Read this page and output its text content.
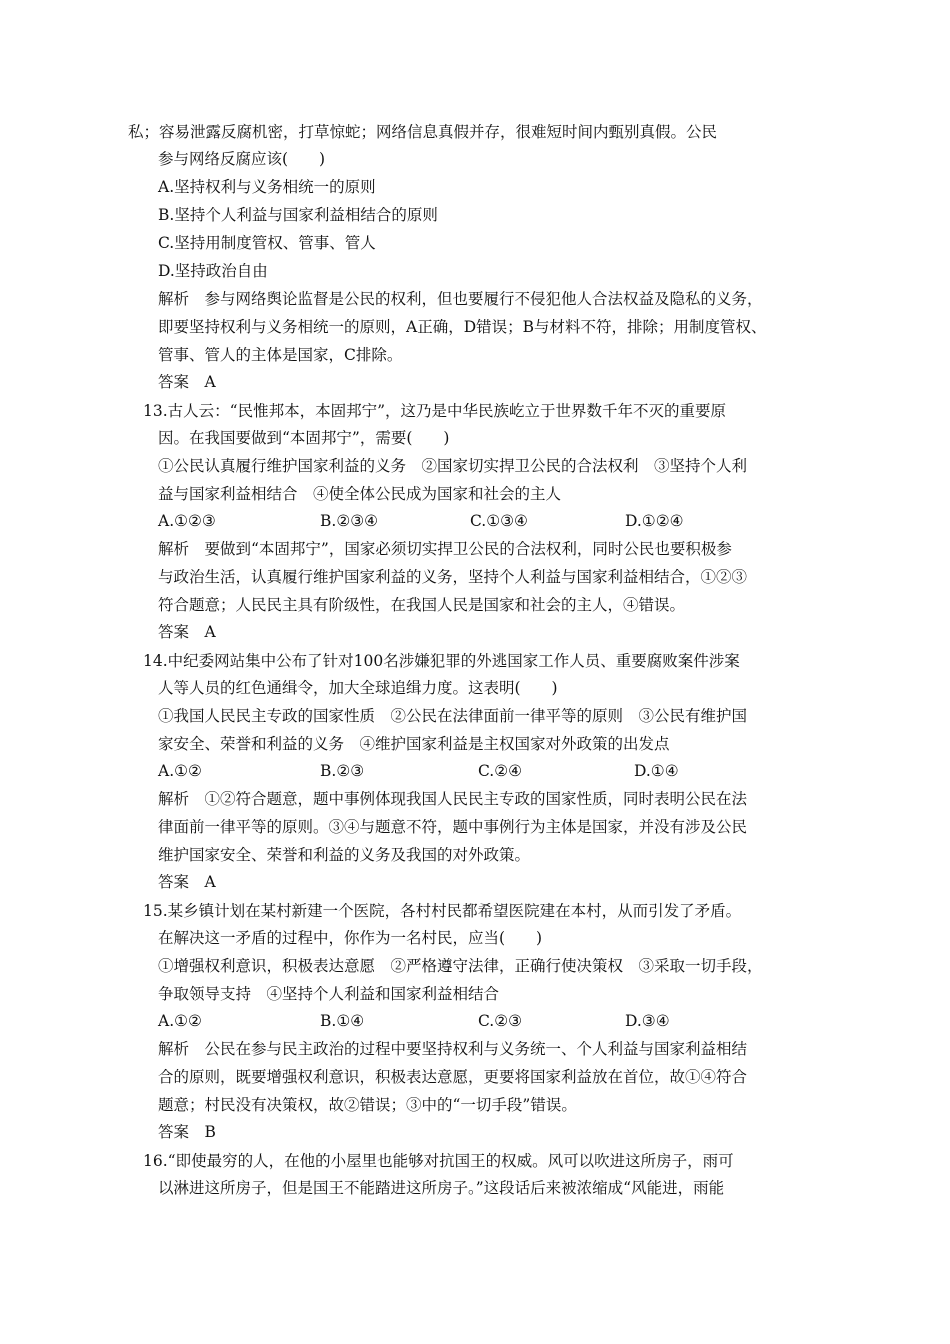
私；容易泄露反腐机密，打草惊蛇；网络信息真假并存，很难短时间内甄别真假。公民
参与网络反腐应该(　　)
A.坚持权利与义务相统一的原则
B.坚持个人利益与国家利益相结合的原则
C.坚持用制度管权、管事、管人
D.坚持政治自由
解析　参与网络舆论监督是公民的权利，但也要履行不侵犯他人合法权益及隐私的义务，
即要坚持权利与义务相统一的原则，A正确，D错误；B与材料不符，排除；用制度管权、
管事、管人的主体是国家，C排除。
答案　A
13.古人云：“民惟邦本，本固邦宁”，这乃是中华民族屹立于世界数千年不灭的重要原
因。在我国要做到“本固邦宁”，需要(　　)
①公民认真履行维护国家利益的义务　②国家切实捍卫公民的合法权利　③坚持个人利
益与国家利益相结合　④使全体公民成为国家和社会的主人
A.①②③	B.②③④	C.①③④	D.①②④
解析　要做到“本固邦宁”，国家必须切实捍卫公民的合法权利，同时公民也要积极参
与政治生活，认真履行维护国家利益的义务，坚持个人利益与国家利益相结合，①②③
符合题意；人民民主具有阶级性，在我国人民是国家和社会的主人，④错误。
答案　A
14.中纪委网站集中公布了针对100名涉嫌犯罪的外逃国家工作人员、重要腐败案件涉案
人等人员的红色通缉令，加大全球追缉力度。这表明(　　)
①我国人民民主专政的国家性质　②公民在法律面前一律平等的原则　③公民有维护国
家安全、荣誉和利益的义务　④维护国家利益是主权国家对外政策的出发点
A.①②	B.②③	C.②④	D.①④
解析　①②符合题意，题中事例体现我国人民民主专政的国家性质，同时表明公民在法
律面前一律平等的原则。③④与题意不符，题中事例行为主体是国家，并没有涉及公民
维护国家安全、荣誉和利益的义务及我国的对外政策。
答案　A
15.某乡镇计划在某村新建一个医院，各村村民都希望医院建在本村，从而引发了矛盾。
在解决这一矛盾的过程中，你作为一名村民，应当(　　)
①增强权利意识，积极表达意愿　②严格遵守法律，正确行使决策权　③采取一切手段，
争取领导支持　④坚持个人利益和国家利益相结合
A.①②	B.①④	C.②③	D.③④
解析　公民在参与民主政治的过程中要坚持权利与义务统一、个人利益与国家利益相结
合的原则，既要增强权利意识，积极表达意愿，更要将国家利益放在首位，故①④符合
题意；村民没有决策权，故②错误；③中的“一切手段”错误。
答案　B
16.“即使最穷的人，在他的小屋里也能够对抗国王的权威。风可以吹进这所房子，雨可
以淋进这所房子，但是国王不能踏进这所房子。”这段话后来被浓缩成“风能进，雨能
